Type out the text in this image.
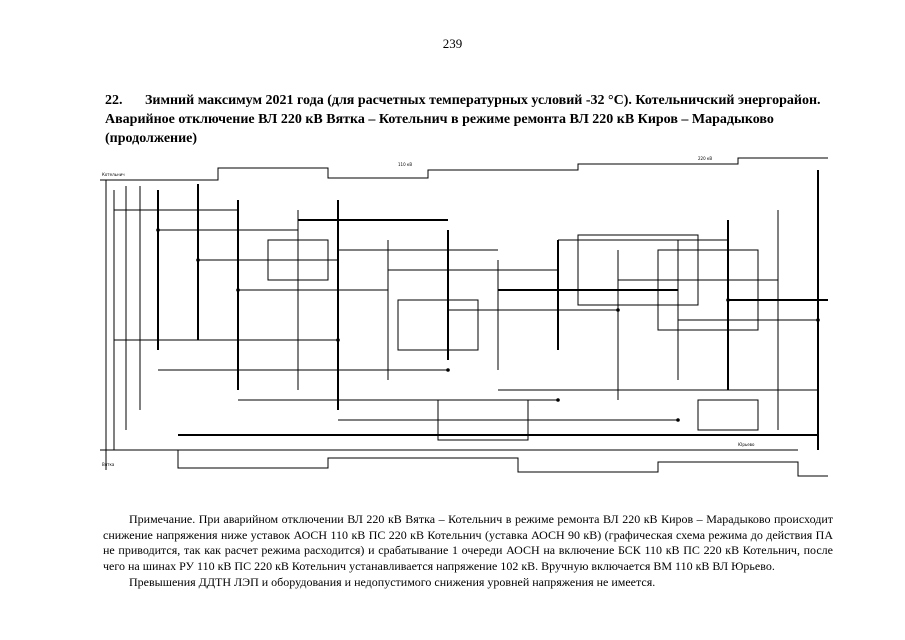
239
22. Зимний максимум 2021 года (для расчетных температурных условий -32 °С). Котельничский энергорайон. Аварийное отключение ВЛ 220 кВ Вятка – Котельнич в режиме ремонта ВЛ 220 кВ Киров – Марадыково (продолжение)
Котельнич
110 кВ
220 кВ
Юрьево
Вятка

Примечание. При аварийном отключении ВЛ 220 кВ Вятка – Котельнич в режиме ремонта ВЛ 220 кВ Киров – Марадыково происходит снижение напряжения ниже уставок АОСН 110 кВ ПС 220 кВ Котельнич (уставка АОСН 90 кВ) (графическая схема режима до действия ПА не приводится, так как расчет режима расходится) и срабатывание 1 очереди АОСН на включение БСК 110 кВ ПС 220 кВ Котельнич, после чего на шинах РУ 110 кВ ПС 220 кВ Котельнич устанавливается напряжение 102 кВ. Вручную включается ВМ 110 кВ ВЛ Юрьево.

Превышения ДДТН ЛЭП и оборудования и недопустимого снижения уровней напряжения не имеется.
